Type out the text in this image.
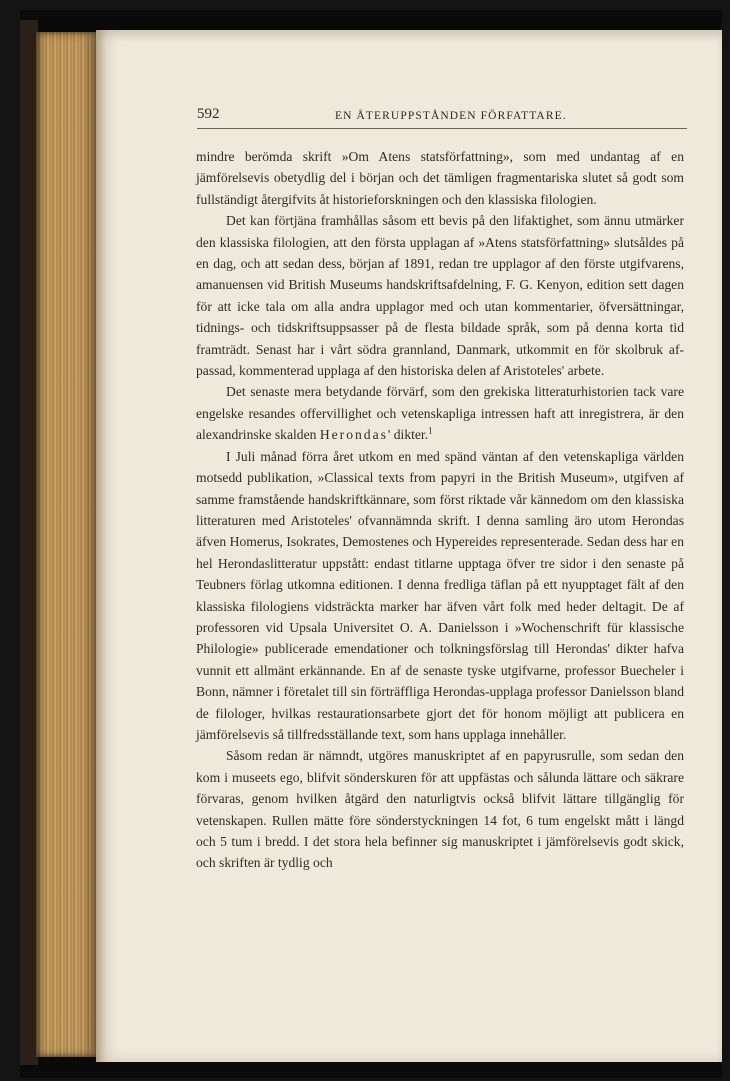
592	EN ÅTERUPPSTÅNDEN FÖRFATTARE.

mindre berömda skrift »Om Atens statsförfattning», som med undantag af en jämförelsevis obetydlig del i början och det tämligen fragmentariska slutet så godt som fullständigt återgifvits åt historieforskningen och den klassiska filologien.

Det kan förtjäna framhållas såsom ett bevis på den lifaktighet, som ännu utmärker den klassiska filologien, att den första upplagan af »Atens statsförfattning» slutsåldes på en dag, och att sedan dess, början af 1891, redan tre upplagor af den förste utgifvarens, amanuensen vid British Museums handskriftsafdelning, F. G. Kenyon, edition sett dagen för att icke tala om alla andra upplagor med och utan kommentarier, öfversättningar, tidnings- och tidskriftsuppsasser på de flesta bildade språk, som på denna korta tid framträdt. Senast har i vårt södra grannland, Danmark, utkommit en för skolbruk afpassad, kommenterad upplaga af den historiska delen af Aristoteles' arbete.

Det senaste mera betydande förvärf, som den grekiska litteraturhistorien tack vare engelske resandes offervillighet och vetenskapliga intressen haft att inregistrera, är den alexandrinske skalden Herondas' dikter.$^1$

I Juli månad förra året utkom en med spänd väntan af den vetenskapliga världen motsedd publikation, »Classical texts from papyri in the British Museum», utgifven af samme framstående handskriftkännare, som först riktade vår kännedom om den klassiska litteraturen med Aristoteles' ofvannämnda skrift. I denna samling äro utom Herondas äfven Homerus, Isokrates, Demostenes och Hypereides representerade. Sedan dess har en hel Herondaslitteratur uppstått: endast titlarne upptaga öfver tre sidor i den senaste på Teubners förlag utkomna editionen. I denna fredliga täflan på ett nyupptaget fält af den klassiska filologiens vidsträckta marker har äfven vårt folk med heder deltagit. De af professoren vid Upsala Universitet O. A. Danielsson i »Wochenschrift für klassische Philologie» publicerade emendationer och tolkningsförslag till Herondas' dikter hafva vunnit ett allmänt erkännande. En af de senaste tyske utgifvarne, professor Buecheler i Bonn, nämner i företalet till sin förträffliga Herondas-upplaga professor Danielsson bland de filologer, hvilkas restaurationsarbete gjort det för honom möjligt att publicera en jämförelsevis så tillfredsställande text, som hans upplaga innehåller.

Såsom redan är nämndt, utgöres manuskriptet af en papyrusrulle, som sedan den kom i museets ego, blifvit sönderskuren för att uppfästas och sålunda lättare och säkrare förvaras, genom hvilken åtgärd den naturligtvis också blifvit lättare tillgänglig för vetenskapen. Rullen mätte före sönderstyckningen 14 fot, 6 tum engelskt mått i längd och 5 tum i bredd. I det stora hela befinner sig manuskriptet i jämförelsevis godt skick, och skriften är tydlig och
